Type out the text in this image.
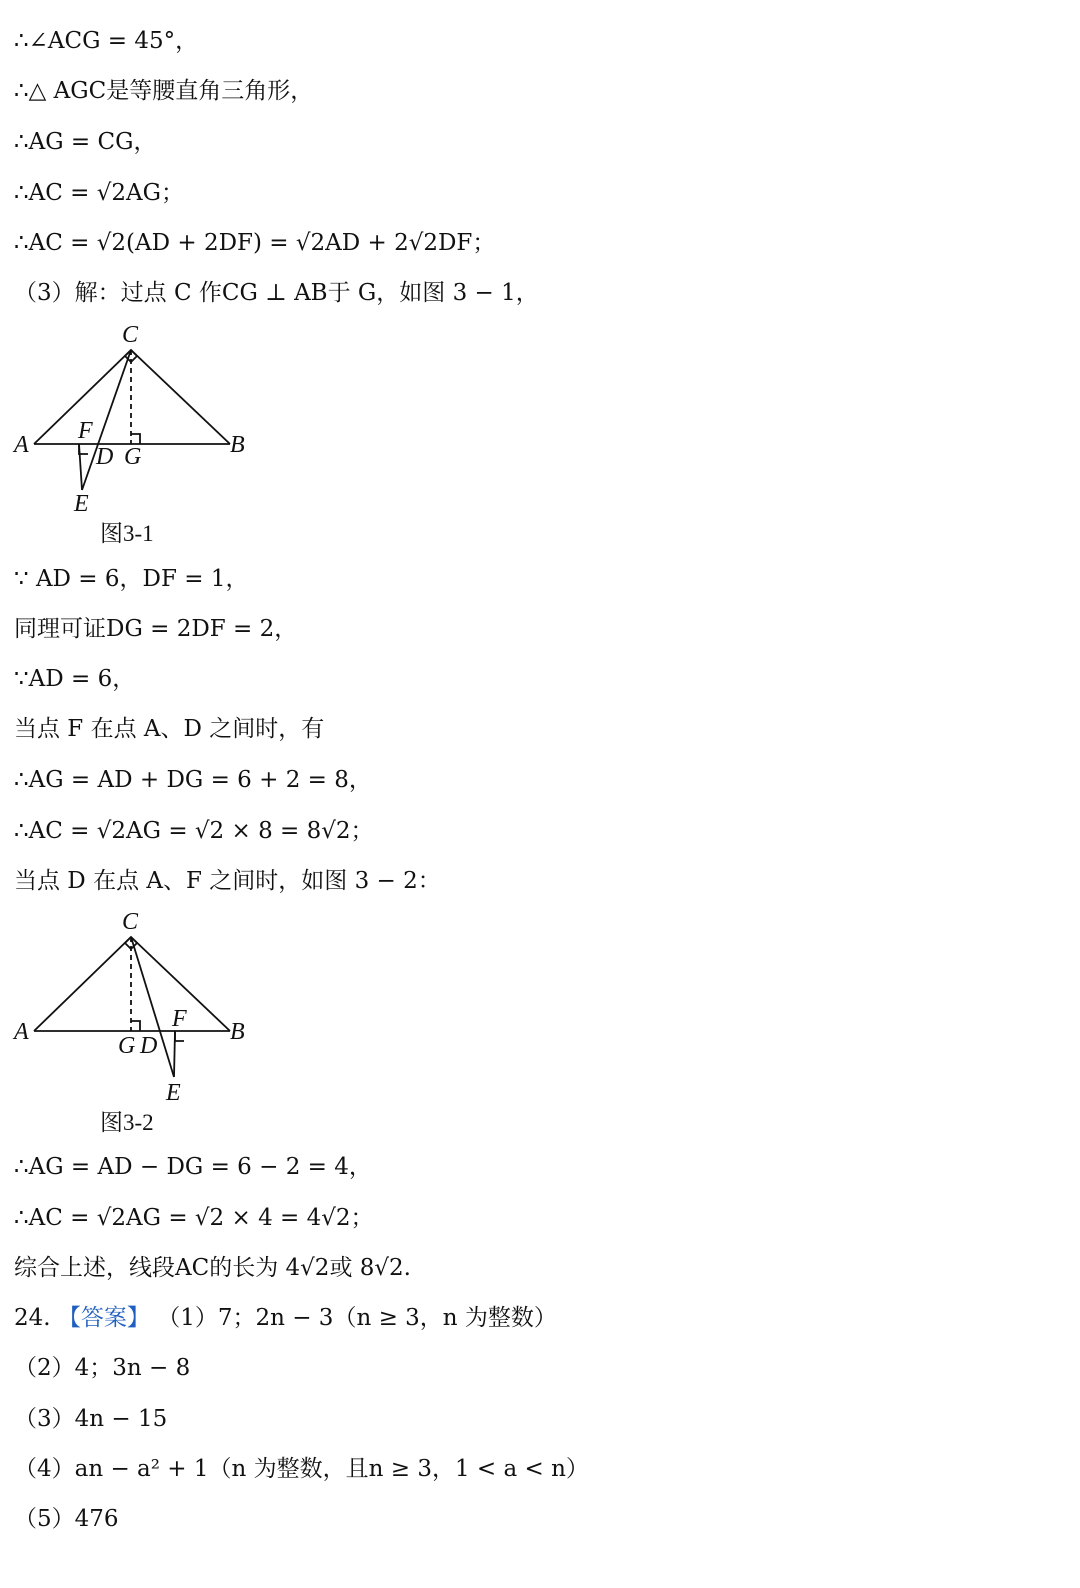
∴∠ACG = 45°，
∴△ AGC是等腰直角三角形，
∴AG = CG，
∴AC = √2AG；
∴AC = √2(AD + 2DF) = √2AD + 2√2DF；
（3）解：过点 C 作CG ⊥ AB于 G，如图 3 − 1，
C
A	B
F
D G
E
图3-1
∵ AD = 6，DF = 1，
同理可证DG = 2DF = 2，
∵AD = 6，
当点 F 在点 A、D 之间时，有
∴AG = AD + DG = 6 + 2 = 8，
∴AC = √2AG = √2 × 8 = 8√2；
当点 D 在点 A、F 之间时，如图 3 − 2：
C
A	B
F
G D
E
图3-2
∴AG = AD − DG = 6 − 2 = 4，
∴AC = √2AG = √2 × 4 = 4√2；
综合上述，线段AC的长为 4√2或 8√2.
24. 【答案】 （1）7；2n − 3（n ≥ 3，n 为整数）
（2）4；3n − 8
（3）4n − 15
（4）an − a² + 1（n 为整数，且n ≥ 3，1 < a < n）
（5）476
